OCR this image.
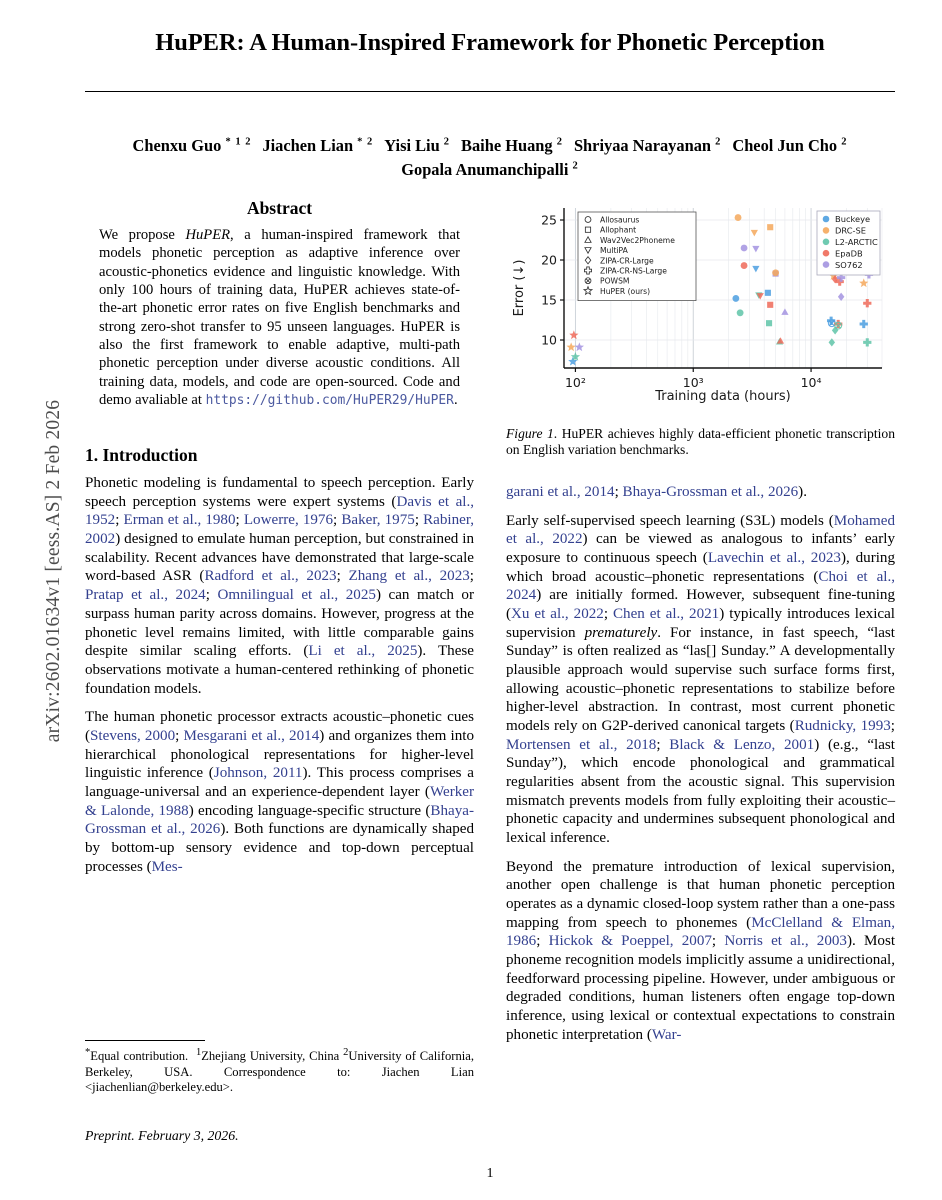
arXiv:2602.01634v1 [eess.AS] 2 Feb 2026
HuPER: A Human-Inspired Framework for Phonetic Perception
Chenxu Guo $^{* 1 2}$ Jiachen Lian $^{* 2}$ Yisi Liu $^2$ Baihe Huang $^2$ Shriyaa Narayanan $^2$ Cheol Jun Cho $^2$
Gopala Anumanchipalli $^2$
Abstract

We propose HuPER, a human-inspired framework that models phonetic perception as adaptive inference over acoustic-phonetics evidence and linguistic knowledge. With only 100 hours of training data, HuPER achieves state-of-the-art phonetic error rates on five English benchmarks and strong zero-shot transfer to 95 unseen languages. HuPER is also the first framework to enable adaptive, multi-path phonetic perception under diverse acoustic conditions. All training data, models, and code are open-sourced. Code and demo avaliable at https://github.com/HuPER29/HuPER.

1. Introduction

Phonetic modeling is fundamental to speech perception. Early speech perception systems were expert systems (Davis et al., 1952; Erman et al., 1980; Lowerre, 1976; Baker, 1975; Rabiner, 2002) designed to emulate human perception, but constrained in scalability. Recent advances have demonstrated that large-scale word-based ASR (Radford et al., 2023; Zhang et al., 2023; Pratap et al., 2024; Omnilingual et al., 2025) can match or surpass human parity across domains. However, progress at the phonetic level remains limited, with little comparable gains despite similar scaling efforts. (Li et al., 2025). These observations motivate a human-centered rethinking of phonetic foundation models.

The human phonetic processor extracts acoustic–phonetic cues (Stevens, 2000; Mesgarani et al., 2014) and organizes them into hierarchical phonological representations for higher-level linguistic inference (Johnson, 2011). This process comprises a language-universal and an experience-dependent layer (Werker & Lalonde, 1988) encoding language-specific structure (Bhaya-Grossman et al., 2026). Both functions are dynamically shaped by bottom-up sensory evidence and top-down perceptual processes (Mes-

10
15
20
25
10²	10³	10⁴
Error (↓)
Training data (hours)
Allosaurus
Allophant
Wav2Vec2Phoneme
MultiPA
ZIPA-CR-Large
ZIPA-CR-NS-Large
POWSM
HuPER (ours)
Buckeye
DRC-SE
L2-ARCTIC
EpaDB
SO762
Figure 1. HuPER achieves highly data-efficient phonetic transcription on English variation benchmarks.

garani et al., 2014; Bhaya-Grossman et al., 2026).

Early self-supervised speech learning (S3L) models (Mohamed et al., 2022) can be viewed as analogous to infants’ early exposure to continuous speech (Lavechin et al., 2023), during which broad acoustic–phonetic representations (Choi et al., 2024) are initially formed. However, subsequent fine-tuning (Xu et al., 2022; Chen et al., 2021) typically introduces lexical supervision prematurely. For instance, in fast speech, “last Sunday” is often realized as “las[] Sunday.” A developmentally plausible approach would supervise such surface forms first, allowing acoustic–phonetic representations to stabilize before higher-level abstraction. In contrast, most current phonetic models rely on G2P-derived canonical targets (Rudnicky, 1993; Mortensen et al., 2018; Black & Lenzo, 2001) (e.g., “last Sunday”), which encode phonological and grammatical regularities absent from the acoustic signal. This supervision mismatch prevents models from fully exploiting their acoustic–phonetic capacity and undermines subsequent phonological and lexical inference.

Beyond the premature introduction of lexical supervision, another open challenge is that human phonetic perception operates as a dynamic closed-loop system rather than a one-pass mapping from speech to phonemes (McClelland & Elman, 1986; Hickok & Poeppel, 2007; Norris et al., 2003). Most phoneme recognition models implicitly assume a unidirectional, feedforward processing pipeline. However, under ambiguous or degraded conditions, human listeners often engage top-down inference, using lexical or contextual expectations to constrain phonetic interpretation (War-

*Equal contribution. $^1$Zhejiang University, China $^2$University of California, Berkeley, USA. Correspondence to: Jiachen Lian <jiachenlian@berkeley.edu>.
Preprint. February 3, 2026.
1
